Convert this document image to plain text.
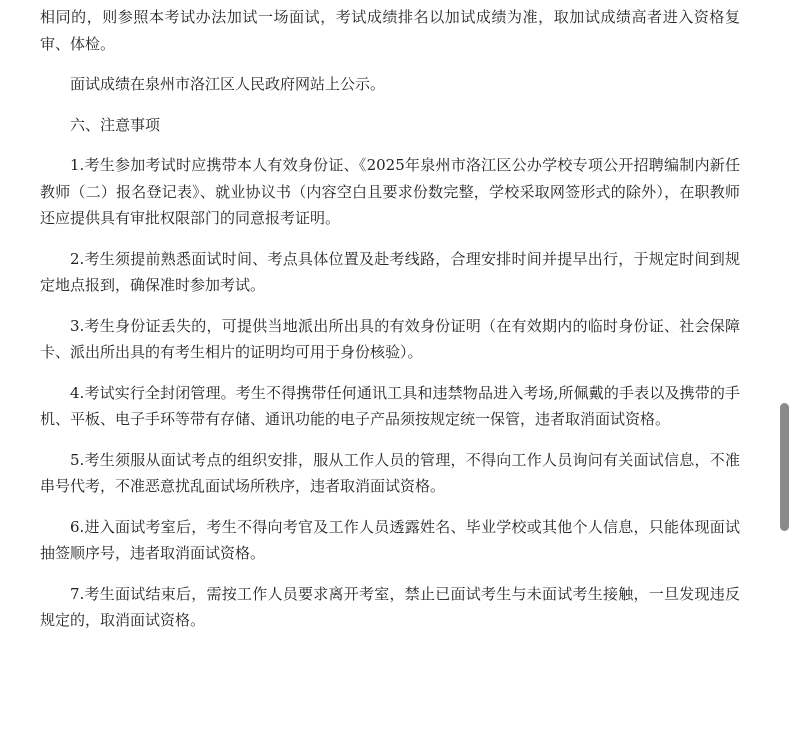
相同的，则参照本考试办法加试一场面试，考试成绩排名以加试成绩为准，取加试成绩高者进入资格复审、体检。

面试成绩在泉州市洛江区人民政府网站上公示。

六、注意事项

1.考生参加考试时应携带本人有效身份证、《2025年泉州市洛江区公办学校专项公开招聘编制内新任教师（二）报名登记表》、就业协议书（内容空白且要求份数完整，学校采取网签形式的除外），在职教师还应提供具有审批权限部门的同意报考证明。

2.考生须提前熟悉面试时间、考点具体位置及赴考线路，合理安排时间并提早出行，于规定时间到规定地点报到，确保准时参加考试。

3.考生身份证丢失的，可提供当地派出所出具的有效身份证明（在有效期内的临时身份证、社会保障卡、派出所出具的有考生相片的证明均可用于身份核验）。

4.考试实行全封闭管理。考生不得携带任何通讯工具和违禁物品进入考场,所佩戴的手表以及携带的手机、平板、电子手环等带有存储、通讯功能的电子产品须按规定统一保管，违者取消面试资格。

5.考生须服从面试考点的组织安排，服从工作人员的管理，不得向工作人员询问有关面试信息，不准串号代考，不准恶意扰乱面试场所秩序，违者取消面试资格。

6.进入面试考室后，考生不得向考官及工作人员透露姓名、毕业学校或其他个人信息，只能体现面试抽签顺序号，违者取消面试资格。

7.考生面试结束后，需按工作人员要求离开考室，禁止已面试考生与未面试考生接触，一旦发现违反规定的，取消面试资格。
